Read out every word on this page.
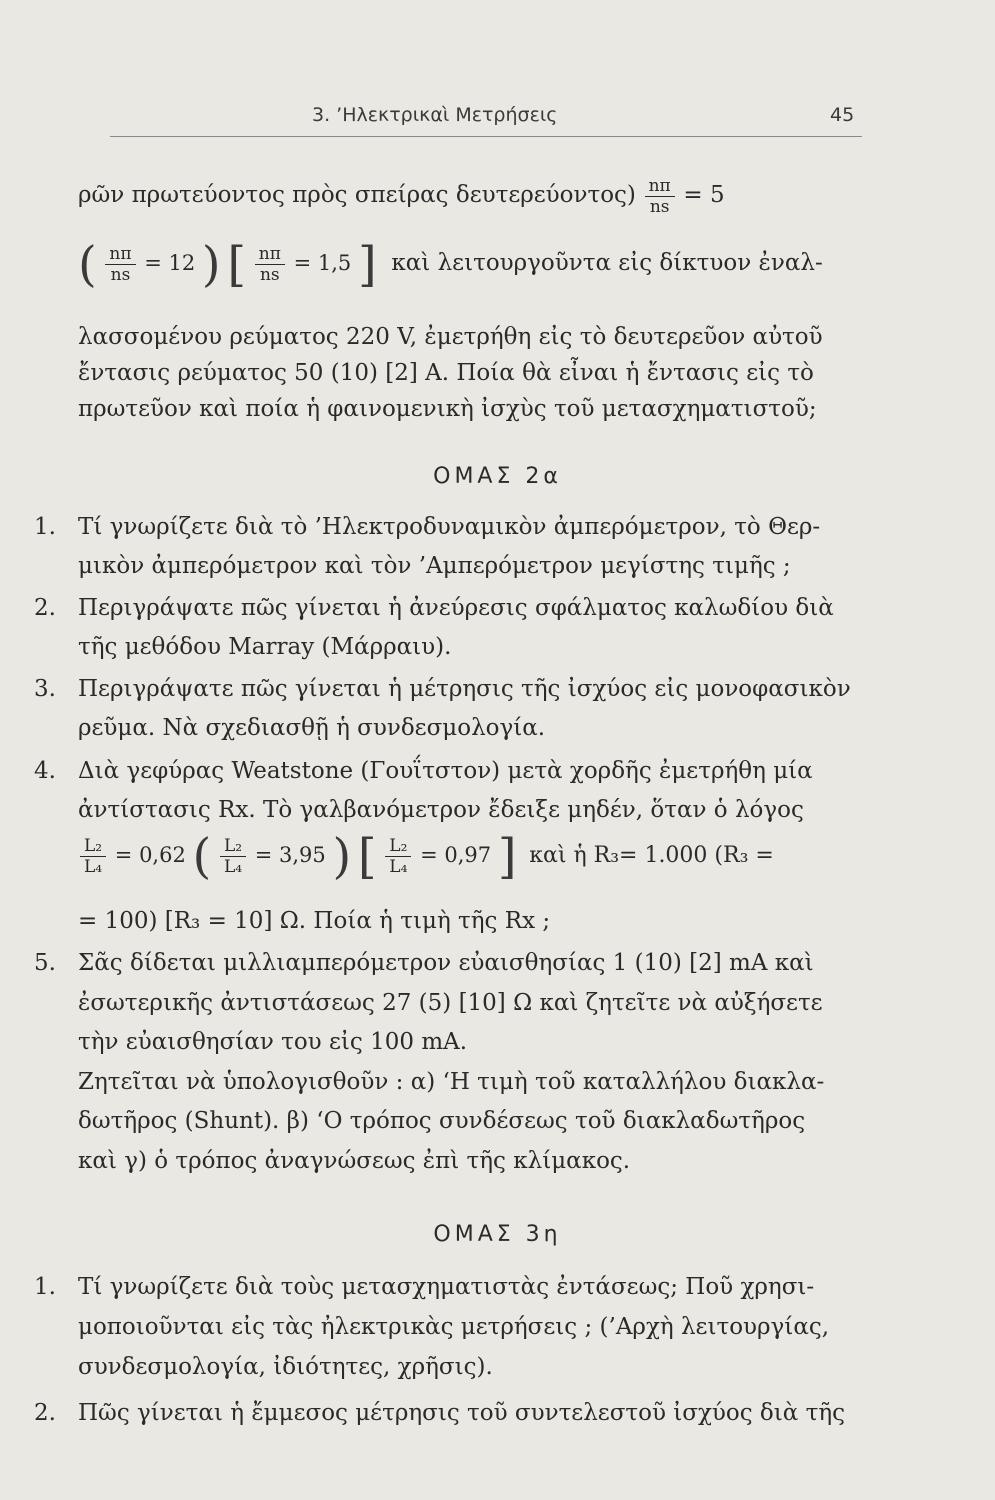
3. ’Ηλεκτρικαὶ Μετρήσεις	45
ρῶν πρωτεύοντος πρὸς σπείρας $\delta\varepsilon\upsilon\tau\varepsilon\rho\varepsilon ύo\nu\tau o\varsigma) \frac{n\pi}{ns} = 5$
( $\frac{n\pi}{ns} = 12$ ) [ $\frac{n\pi}{ns} = 1,5$ ] καὶ λειτουργοῦντα εἰς δίκτυον ἐναλ-
λασσομένου ρεύματος 220 V, ἐμετρήθη εἰς τὸ δευτερεῦον αὐτοῦ
ἔντασις ρεύματος 50 (10) [2] A. Ποία θὰ εἶναι ἡ ἔντασις εἰς τὸ
πρωτεῦον καὶ ποία ἡ φαινομενικὴ ἰσχὺς τοῦ μετασχηματιστοῦ;
ΟΜΑΣ 2α
1. Τί γνωρίζετε διὰ τὸ ’Ηλεκτροδυναμικὸν ἀμπερόμετρον, τὸ Θερ-
μικὸν ἀμπερόμετρον καὶ τὸν ’Αμπερόμετρον μεγίστης τιμῆς ;
2. Περιγράψατε πῶς γίνεται ἡ ἀνεύρεσις σφάλματος καλωδίου διὰ
τῆς μεθόδου Marray (Μάρραιυ).
3. Περιγράψατε πῶς γίνεται ἡ μέτρησις τῆς ἰσχύος εἰς μονοφασικὸν
ρεῦμα. Νὰ σχεδιασθῇ ἡ συνδεσμολογία.
4. Διὰ γεφύρας Weatstone (Γουΐτστον) μετὰ χορδῆς ἐμετρήθη μία
ἀντίστασις Rx. Τὸ γαλβανόμετρον ἔδειξε μηδέν, ὅταν ὁ λόγος
$\frac{\text{L₂}}{\text{L₄}} = 0,62$ ( $\frac{\text{L₂}}{\text{L₄}} = 3,95$ ) [ $\frac{\text{L₂}}{\text{L₄}} = 0,97$ ] καὶ ἡ R₃= 1.000 (R₃ =
= 100) [R₃ = 10] Ω. Ποία ἡ τιμὴ τῆς Rx ;
5. Σᾶς δίδεται μιλλιαμπερόμετρον εὐαισθησίας 1 (10) [2] mA καὶ
ἐσωτερικῆς ἀντιστάσεως 27 (5) [10] Ω καὶ ζητεῖτε νὰ αὐξήσετε
τὴν εὐαισθησίαν του εἰς 100 mA.
Ζητεῖται νὰ ὑπολογισθοῦν : α) ‘Η τιμὴ τοῦ καταλλήλου διακλα-
δωτῆρος (Shunt). β) ‘Ο τρόπος συνδέσεως τοῦ διακλαδωτῆρος
καὶ γ) ὁ τρόπος ἀναγνώσεως ἐπὶ τῆς κλίμακος.
ΟΜΑΣ 3η
1. Τί γνωρίζετε διὰ τοὺς μετασχηματιστὰς ἐντάσεως; Ποῦ χρησι-
μοποιοῦνται εἰς τὰς ἠλεκτρικὰς μετρήσεις ; (’Αρχὴ λειτουργίας,
συνδεσμολογία, ἰδιότητες, χρῆσις).
2. Πῶς γίνεται ἡ ἔμμεσος μέτρησις τοῦ συντελεστοῦ ἰσχύος διὰ τῆς
